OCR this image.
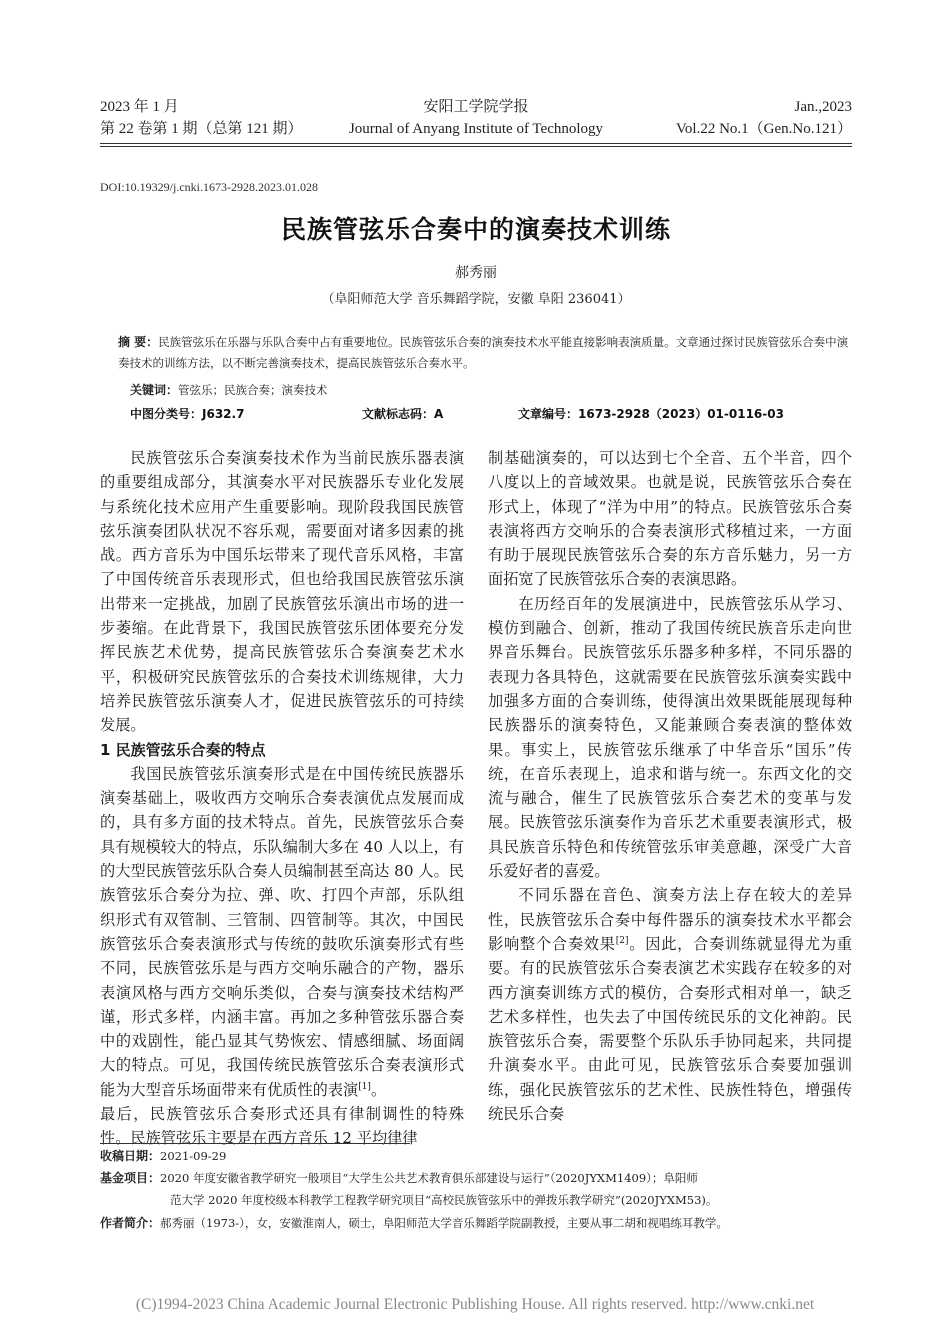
2023 年 1 月
第 22 卷第 1 期（总第 121 期）
安阳工学院学报
Journal of Anyang Institute of Technology
Jan.,2023
Vol.22 No.1（Gen.No.121）
DOI:10.19329/j.cnki.1673-2928.2023.01.028
民族管弦乐合奏中的演奏技术训练
郝秀丽
（阜阳师范大学 音乐舞蹈学院，安徽 阜阳 236041）
摘 要：民族管弦乐在乐器与乐队合奏中占有重要地位。民族管弦乐合奏的演奏技术水平能直接影响表演质量。文章通过探讨民族管弦乐合奏中演奏技术的训练方法，以不断完善演奏技术，提高民族管弦乐合奏水平。
关键词：管弦乐；民族合奏；演奏技术
中图分类号：J632.7	文献标志码：A	文章编号：1673-2928（2023）01-0116-03

民族管弦乐合奏演奏技术作为当前民族乐器表演的重要组成部分，其演奏水平对民族器乐专业化发展与系统化技术应用产生重要影响。现阶段我国民族管弦乐演奏团队状况不容乐观，需要面对诸多因素的挑战。西方音乐为中国乐坛带来了现代音乐风格，丰富了中国传统音乐表现形式，但也给我国民族管弦乐演出带来一定挑战，加剧了民族管弦乐演出市场的进一步萎缩。在此背景下，我国民族管弦乐团体要充分发挥民族艺术优势，提高民族管弦乐合奏演奏艺术水平，积极研究民族管弦乐的合奏技术训练规律，大力培养民族管弦乐演奏人才，促进民族管弦乐的可持续发展。

1 民族管弦乐合奏的特点

我国民族管弦乐演奏形式是在中国传统民族器乐演奏基础上，吸收西方交响乐合奏表演优点发展而成的，具有多方面的技术特点。首先，民族管弦乐合奏具有规模较大的特点，乐队编制大多在 40 人以上，有的大型民族管弦乐队合奏人员编制甚至高达 80 人。民族管弦乐合奏分为拉、弹、吹、打四个声部，乐队组织形式有双管制、三管制、四管制等。其次，中国民族管弦乐合奏表演形式与传统的鼓吹乐演奏形式有些不同，民族管弦乐是与西方交响乐融合的产物，器乐表演风格与西方交响乐类似，合奏与演奏技术结构严谨，形式多样，内涵丰富。再加之多种管弦乐器合奏中的戏剧性，能凸显其气势恢宏、情感细腻、场面阔大的特点。可见，我国传统民族管弦乐合奏表演形式能为大型音乐场面带来有优质性的表演[1]。

最后，民族管弦乐合奏形式还具有律制调性的特殊性。民族管弦乐主要是在西方音乐 12 平均律律

制基础演奏的，可以达到七个全音、五个半音，四个八度以上的音域效果。也就是说，民族管弦乐合奏在形式上，体现了“洋为中用”的特点。民族管弦乐合奏表演将西方交响乐的合奏表演形式移植过来，一方面有助于展现民族管弦乐合奏的东方音乐魅力，另一方面拓宽了民族管弦乐合奏的表演思路。

在历经百年的发展演进中，民族管弦乐从学习、模仿到融合、创新，推动了我国传统民族音乐走向世界音乐舞台。民族管弦乐乐器多种多样，不同乐器的表现力各具特色，这就需要在民族管弦乐演奏实践中加强多方面的合奏训练，使得演出效果既能展现每种民族器乐的演奏特色，又能兼顾合奏表演的整体效果。事实上，民族管弦乐继承了中华音乐“国乐”传统，在音乐表现上，追求和谐与统一。东西文化的交流与融合，催生了民族管弦乐合奏艺术的变革与发展。民族管弦乐演奏作为音乐艺术重要表演形式，极具民族音乐特色和传统管弦乐审美意趣，深受广大音乐爱好者的喜爱。

不同乐器在音色、演奏方法上存在较大的差异性，民族管弦乐合奏中每件器乐的演奏技术水平都会影响整个合奏效果[2]。因此，合奏训练就显得尤为重要。有的民族管弦乐合奏表演艺术实践存在较多的对西方演奏训练方式的模仿，合奏形式相对单一，缺乏艺术多样性，也失去了中国传统民乐的文化神韵。民族管弦乐合奏，需要整个乐队乐手协同起来，共同提升演奏水平。由此可见，民族管弦乐合奏要加强训练，强化民族管弦乐的艺术性、民族性特色，增强传统民乐合奏

收稿日期：2021-09-29
基金项目：2020 年度安徽省教学研究一般项目“大学生公共艺术教育俱乐部建设与运行”（2020JYXM1409）；阜阳师
范大学 2020 年度校级本科教学工程教学研究项目“高校民族管弦乐中的弹拨乐教学研究”(2020JYXM53)。
作者简介：郝秀丽（1973-），女，安徽淮南人，硕士，阜阳师范大学音乐舞蹈学院副教授，主要从事二胡和视唱练耳教学。
(C)1994-2023 China Academic Journal Electronic Publishing House. All rights reserved. http://www.cnki.net
